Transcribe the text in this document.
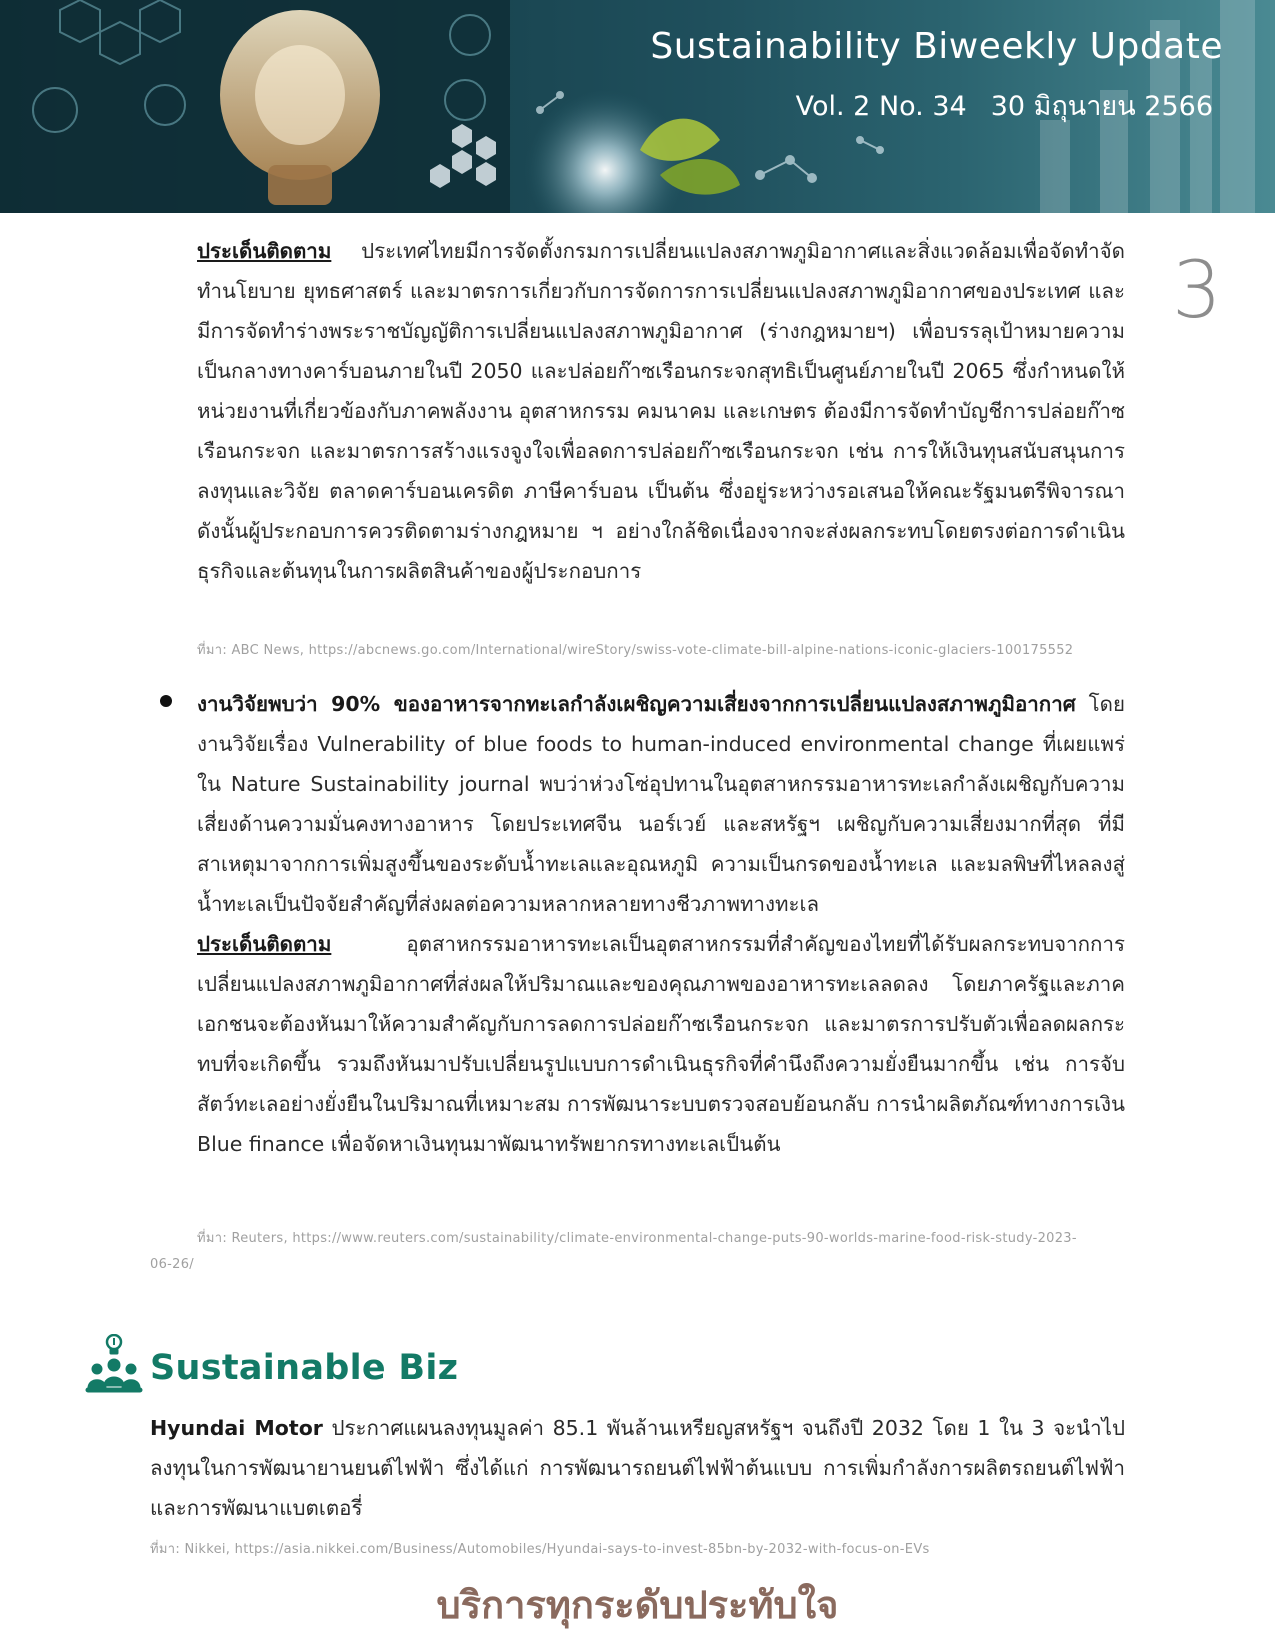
Sustainability Biweekly Update
Vol. 2 No. 34 30 มิถุนายน 2566
3
ประเด็นติดตาม ประเทศไทยมีการจัดตั้งกรมการเปลี่ยนแปลงสภาพภูมิอากาศและสิ่งแวดล้อมเพื่อจัดทำจัดทำนโยบาย ยุทธศาสตร์ และมาตรการเกี่ยวกับการจัดการการเปลี่ยนแปลงสภาพภูมิอากาศของประเทศ และมีการจัดทำร่างพระราชบัญญัติการเปลี่ยนแปลงสภาพภูมิอากาศ (ร่างกฎหมายฯ) เพื่อบรรลุเป้าหมายความเป็นกลางทางคาร์บอนภายในปี 2050 และปล่อยก๊าซเรือนกระจกสุทธิเป็นศูนย์ภายในปี 2065 ซึ่งกำหนดให้หน่วยงานที่เกี่ยวข้องกับภาคพลังงาน อุตสาหกรรม คมนาคม และเกษตร ต้องมีการจัดทำบัญชีการปล่อยก๊าซเรือนกระจก และมาตรการสร้างแรงจูงใจเพื่อลดการปล่อยก๊าซเรือนกระจก เช่น การให้เงินทุนสนับสนุนการลงทุนและวิจัย ตลาดคาร์บอนเครดิต ภาษีคาร์บอน เป็นต้น ซึ่งอยู่ระหว่างรอเสนอให้คณะรัฐมนตรีพิจารณา ดังนั้นผู้ประกอบการควรติดตามร่างกฎหมาย ฯ อย่างใกล้ชิดเนื่องจากจะส่งผลกระทบโดยตรงต่อการดำเนินธุรกิจและต้นทุนในการผลิตสินค้าของผู้ประกอบการ
ที่มา: ABC News, https://abcnews.go.com/International/wireStory/swiss-vote-climate-bill-alpine-nations-iconic-glaciers-100175552
งานวิจัยพบว่า 90% ของอาหารจากทะเลกำลังเผชิญความเสี่ยงจากการเปลี่ยนแปลงสภาพภูมิอากาศ โดยงานวิจัยเรื่อง Vulnerability of blue foods to human-induced environmental change ที่เผยแพร่ใน Nature Sustainability journal พบว่าห่วงโซ่อุปทานในอุตสาหกรรมอาหารทะเลกำลังเผชิญกับความเสี่ยงด้านความมั่นคงทางอาหาร โดยประเทศจีน นอร์เวย์ และสหรัฐฯ เผชิญกับความเสี่ยงมากที่สุด ที่มีสาเหตุมาจากการเพิ่มสูงขึ้นของระดับน้ำทะเลและอุณหภูมิ ความเป็นกรดของน้ำทะเล และมลพิษที่ไหลลงสู่น้ำทะเลเป็นปัจจัยสำคัญที่ส่งผลต่อความหลากหลายทางชีวภาพทางทะเล
ประเด็นติดตาม	อุตสาหกรรมอาหารทะเลเป็นอุตสาหกรรมที่สำคัญของไทยที่ได้รับผลกระทบจากการเปลี่ยนแปลงสภาพภูมิอากาศที่ส่งผลให้ปริมาณและของคุณภาพของอาหารทะเลลดลง โดยภาครัฐและภาคเอกชนจะต้องหันมาให้ความสำคัญกับการลดการปล่อยก๊าซเรือนกระจก และมาตรการปรับตัวเพื่อลดผลกระทบที่จะเกิดขึ้น รวมถึงหันมาปรับเปลี่ยนรูปแบบการดำเนินธุรกิจที่คำนึงถึงความยั่งยืนมากขึ้น เช่น การจับสัตว์ทะเลอย่างยั่งยืนในปริมาณที่เหมาะสม การพัฒนาระบบตรวจสอบย้อนกลับ การนำผลิตภัณฑ์ทางการเงิน Blue finance เพื่อจัดหาเงินทุนมาพัฒนาทรัพยากรทางทะเลเป็นต้น
ที่มา: Reuters, https://www.reuters.com/sustainability/climate-environmental-change-puts-90-worlds-marine-food-risk-study-2023-
06-26/
Sustainable Biz
Hyundai Motor ประกาศแผนลงทุนมูลค่า 85.1 พันล้านเหรียญสหรัฐฯ จนถึงปี 2032 โดย 1 ใน 3 จะนำไปลงทุนในการพัฒนายานยนต์ไฟฟ้า ซึ่งได้แก่ การพัฒนารถยนต์ไฟฟ้าต้นแบบ การเพิ่มกำลังการผลิตรถยนต์ไฟฟ้า และการพัฒนาแบตเตอรี่
ที่มา: Nikkei, https://asia.nikkei.com/Business/Automobiles/Hyundai-says-to-invest-85bn-by-2032-with-focus-on-EVs
บริการทุกระดับประทับใจ
